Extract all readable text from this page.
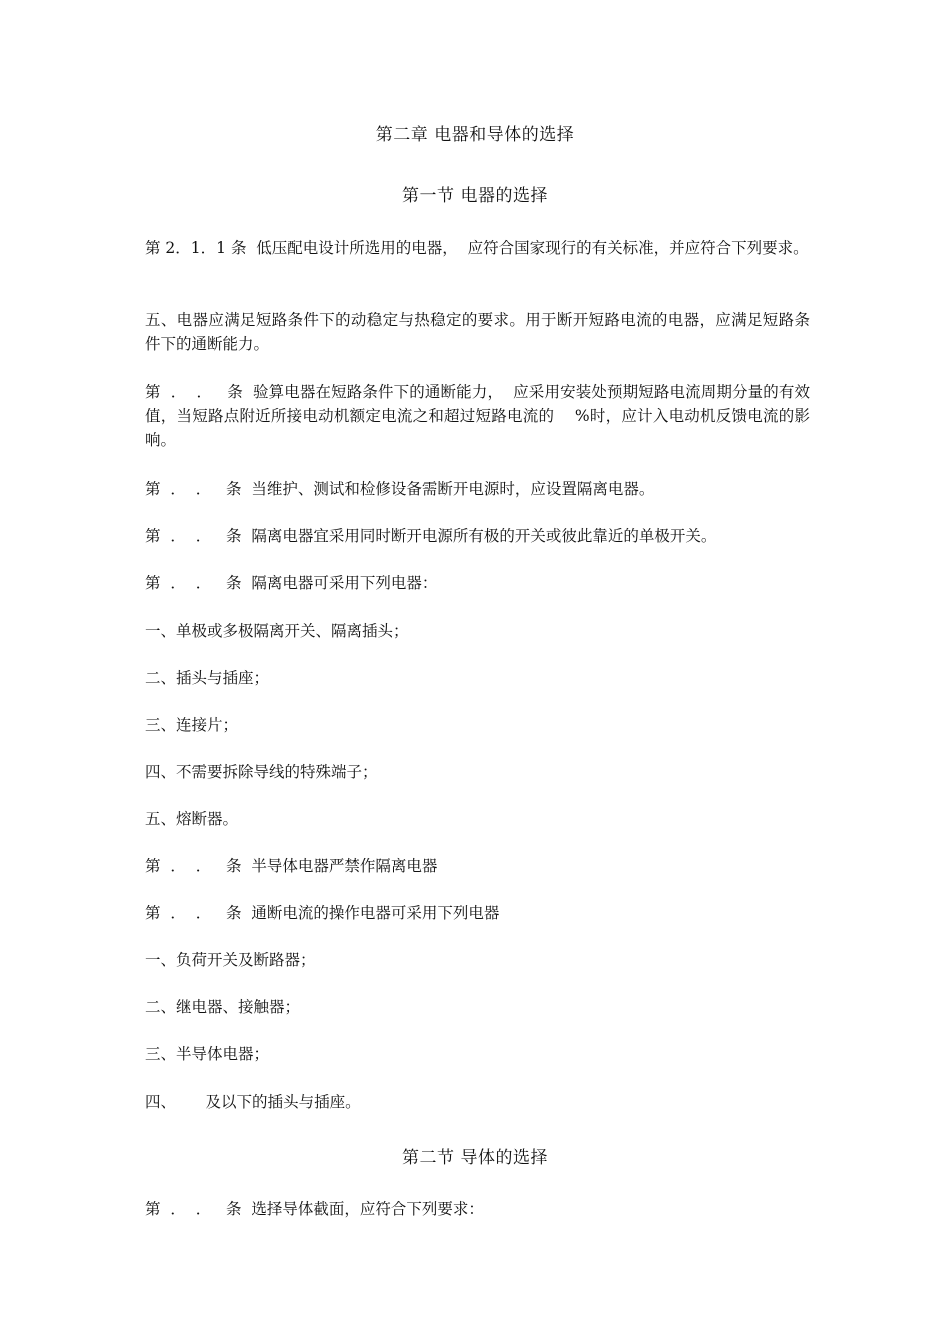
第二章 电器和导体的选择
第一节 电器的选择

第 2．1．1 条  低压配电设计所选用的电器，  应符合国家现行的有关标准，并应符合下列要求。

五、电器应满足短路条件下的动稳定与热稳定的要求。用于断开短路电流的电器，应满足短路条件下的通断能力。

第  ．  ．   条  验算电器在短路条件下的通断能力，  应采用安装处预期短路电流周期分量的有效值，当短路点附近所接电动机额定电流之和超过短路电流的    %时，应计入电动机反馈电流的影响。

第  ．  ．   条  当维护、测试和检修设备需断开电源时，应设置隔离电器。

第  ．  ．   条  隔离电器宜采用同时断开电源所有极的开关或彼此靠近的单极开关。

第  ．  ．   条  隔离电器可采用下列电器：

一、单极或多极隔离开关、隔离插头；

二、插头与插座；

三、连接片；

四、不需要拆除导线的特殊端子；

五、熔断器。

第  ．  ．   条  半导体电器严禁作隔离电器

第  ．  ．   条  通断电流的操作电器可采用下列电器

一、负荷开关及断路器；

二、继电器、接触器；

三、半导体电器；

四、      及以下的插头与插座。

第二节 导体的选择

第  ．  ．   条  选择导体截面，应符合下列要求：
